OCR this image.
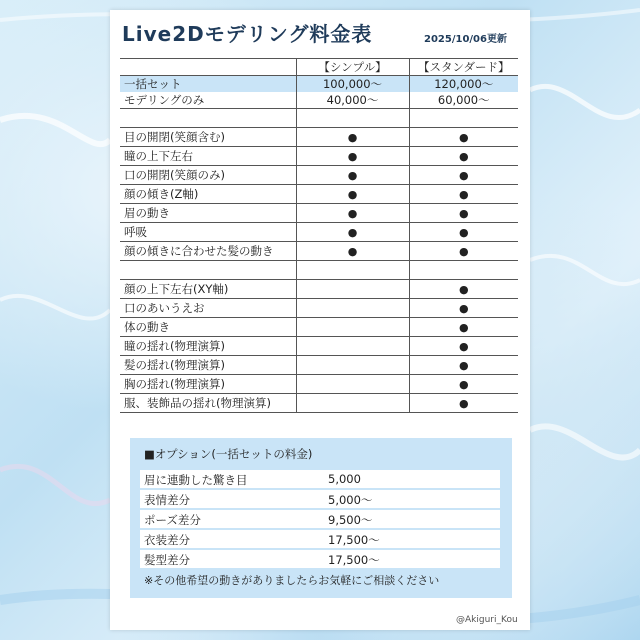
Live2Dモデリング料金表	2025/10/06更新
	【シンプル】	【スタンダード】
一括セット	100,000～	120,000～
モデリングのみ	40,000～	60,000～

目の開閉(笑顔含む)	●	●
瞳の上下左右	●	●
口の開閉(笑顔のみ)	●	●
顔の傾き(Z軸)	●	●
眉の動き	●	●
呼吸	●	●
顔の傾きに合わせた髪の動き	●	●

顔の上下左右(XY軸)		●
口のあいうえお		●
体の動き		●
瞳の揺れ(物理演算)		●
髪の揺れ(物理演算)		●
胸の揺れ(物理演算)		●
服、装飾品の揺れ(物理演算)		●
■オプション(一括セットの料金)
眉に連動した驚き目	5,000
表情差分	5,000～
ポーズ差分	9,500～
衣装差分	17,500～
髪型差分	17,500～
※その他希望の動きがありましたらお気軽にご相談ください
@Akiguri_Kou
